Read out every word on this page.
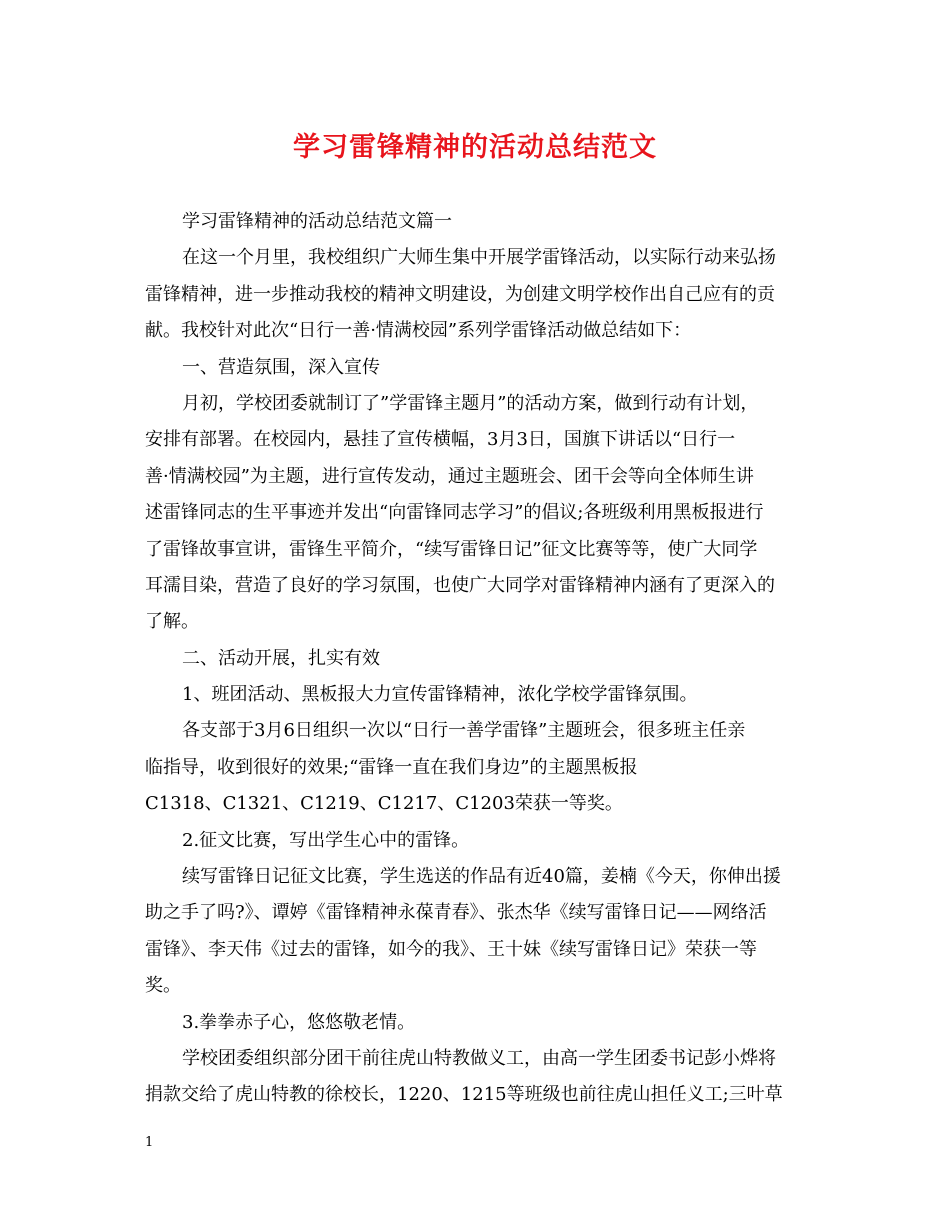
学习雷锋精神的活动总结范文
学习雷锋精神的活动总结范文篇一
在这一个月里，我校组织广大师生集中开展学雷锋活动，以实际行动来弘扬
雷锋精神，进一步推动我校的精神文明建设，为创建文明学校作出自己应有的贡
献。我校针对此次“日行一善·情满校园”系列学雷锋活动做总结如下：
一、营造氛围，深入宣传
月初，学校团委就制订了”学雷锋主题月”的活动方案，做到行动有计划，
安排有部署。在校园内，悬挂了宣传横幅，3月3日，国旗下讲话以“日行一
善·情满校园”为主题，进行宣传发动，通过主题班会、团干会等向全体师生讲
述雷锋同志的生平事迹并发出“向雷锋同志学习”的倡议;各班级利用黑板报进行
了雷锋故事宣讲，雷锋生平简介，“续写雷锋日记”征文比赛等等，使广大同学
耳濡目染，营造了良好的学习氛围，也使广大同学对雷锋精神内涵有了更深入的
了解。
二、活动开展，扎实有效
1、班团活动、黑板报大力宣传雷锋精神，浓化学校学雷锋氛围。
各支部于3月6日组织一次以“日行一善学雷锋”主题班会，很多班主任亲
临指导，收到很好的效果;“雷锋一直在我们身边”的主题黑板报
C1318、C1321、C1219、C1217、C1203荣获一等奖。
2.征文比赛，写出学生心中的雷锋。
续写雷锋日记征文比赛，学生选送的作品有近40篇，姜楠《今天，你伸出援
助之手了吗?》、谭婷《雷锋精神永葆青春》、张杰华《续写雷锋日记——网络活
雷锋》、李天伟《过去的雷锋，如今的我》、王十妹《续写雷锋日记》荣获一等
奖。
3.拳拳赤子心，悠悠敬老情。
学校团委组织部分团干前往虎山特教做义工，由高一学生团委书记彭小烨将
捐款交给了虎山特教的徐校长，1220、1215等班级也前往虎山担任义工;三叶草
1
